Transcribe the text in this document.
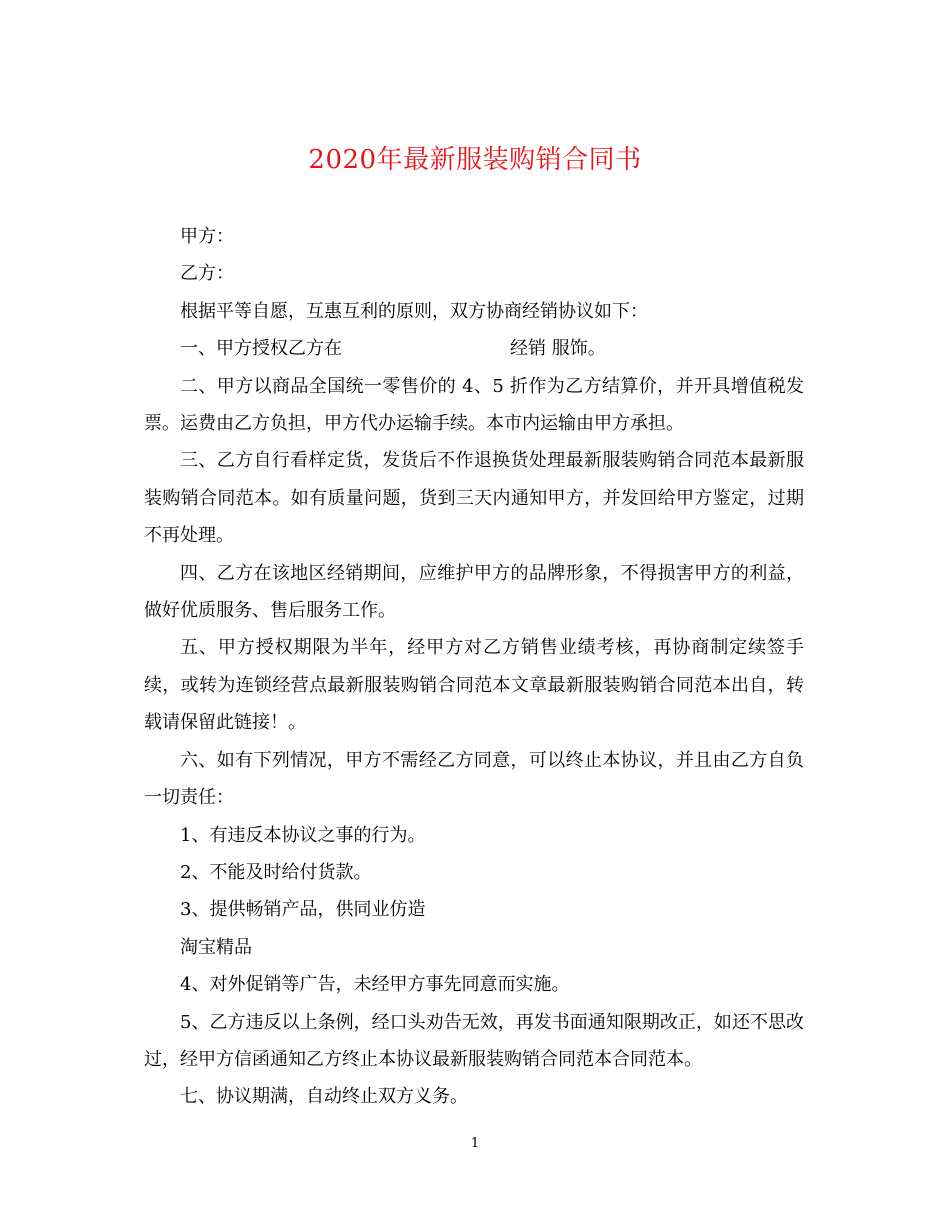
2020年最新服装购销合同书

甲方：

乙方：

根据平等自愿，互惠互利的原则，双方协商经销协议如下：

一、甲方授权乙方在	经销 服饰。

二、甲方以商品全国统一零售价的 4、5 折作为乙方结算价，并开具增值税发票。运费由乙方负担，甲方代办运输手续。本市内运输由甲方承担。

三、乙方自行看样定货，发货后不作退换货处理最新服装购销合同范本最新服装购销合同范本。如有质量问题，货到三天内通知甲方，并发回给甲方鉴定，过期不再处理。

四、乙方在该地区经销期间，应维护甲方的品牌形象，不得损害甲方的利益，做好优质服务、售后服务工作。

五、甲方授权期限为半年，经甲方对乙方销售业绩考核，再协商制定续签手续，或转为连锁经营点最新服装购销合同范本文章最新服装购销合同范本出自，转载请保留此链接！。

六、如有下列情况，甲方不需经乙方同意，可以终止本协议，并且由乙方自负一切责任：

1、有违反本协议之事的行为。

2、不能及时给付货款。

3、提供畅销产品，供同业仿造

淘宝精品

4、对外促销等广告，未经甲方事先同意而实施。

5、乙方违反以上条例，经口头劝告无效，再发书面通知限期改正，如还不思改过，经甲方信函通知乙方终止本协议最新服装购销合同范本合同范本。

七、协议期满，自动终止双方义务。

1
